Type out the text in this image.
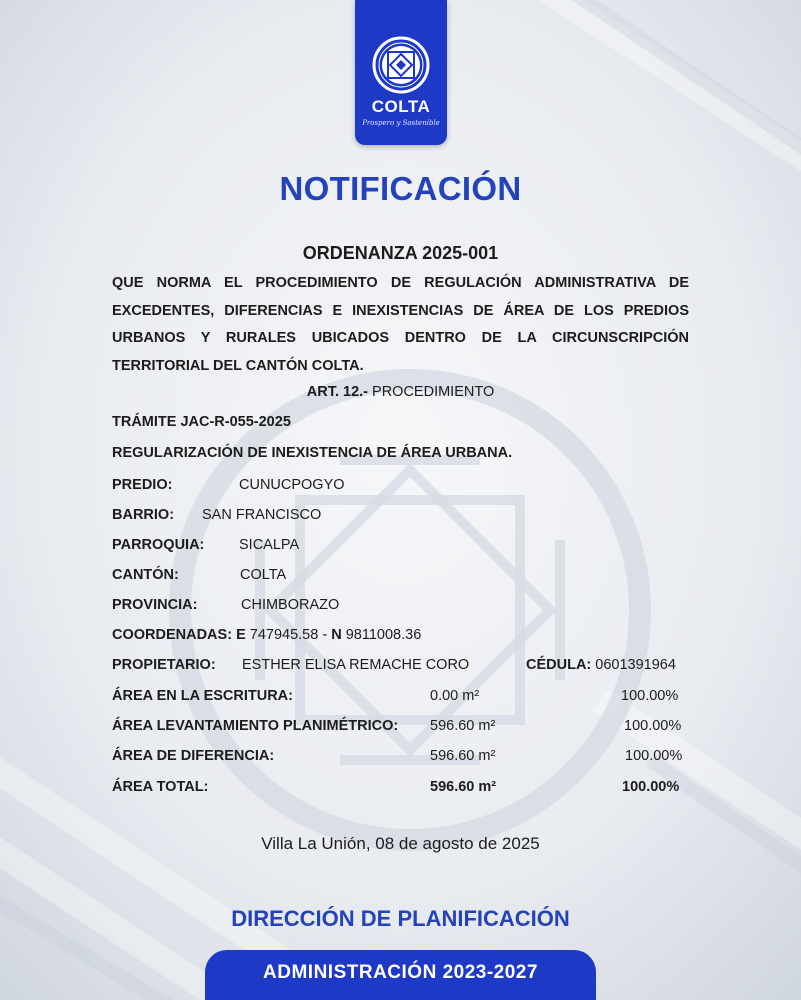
COLTA
Prospero y Sostenible
NOTIFICACIÓN
ORDENANZA 2025-001
QUE NORMA EL PROCEDIMIENTO DE REGULACIÓN ADMINISTRATIVA DE EXCEDENTES, DIFERENCIAS E INEXISTENCIAS DE ÁREA DE LOS PREDIOS URBANOS Y RURALES UBICADOS DENTRO DE LA CIRCUNSCRIPCIÓN TERRITORIAL DEL CANTÓN COLTA.
ART. 12.- PROCEDIMIENTO
TRÁMITE JAC-R-055-2025
REGULARIZACIÓN DE INEXISTENCIA DE ÁREA URBANA.
PREDIO:	CUNUCPOGYO
BARRIO: SAN FRANCISCO
PARROQUIA: SICALPA
CANTÓN:	COLTA
PROVINCIA:	CHIMBORAZO
COORDENADAS: E 747945.58 - N 9811008.36
PROPIETARIO: ESTHER ELISA REMACHE CORO	CÉDULA: 0601391964
ÁREA EN LA ESCRITURA:	0.00 m²	100.00%
ÁREA LEVANTAMIENTO PLANIMÉTRICO: 596.60 m²	100.00%
ÁREA DE DIFERENCIA:	596.60 m²	100.00%
ÁREA TOTAL:	596.60 m²	100.00%
Villa La Unión, 08 de agosto de 2025
DIRECCIÓN DE PLANIFICACIÓN
ADMINISTRACIÓN 2023-2027
